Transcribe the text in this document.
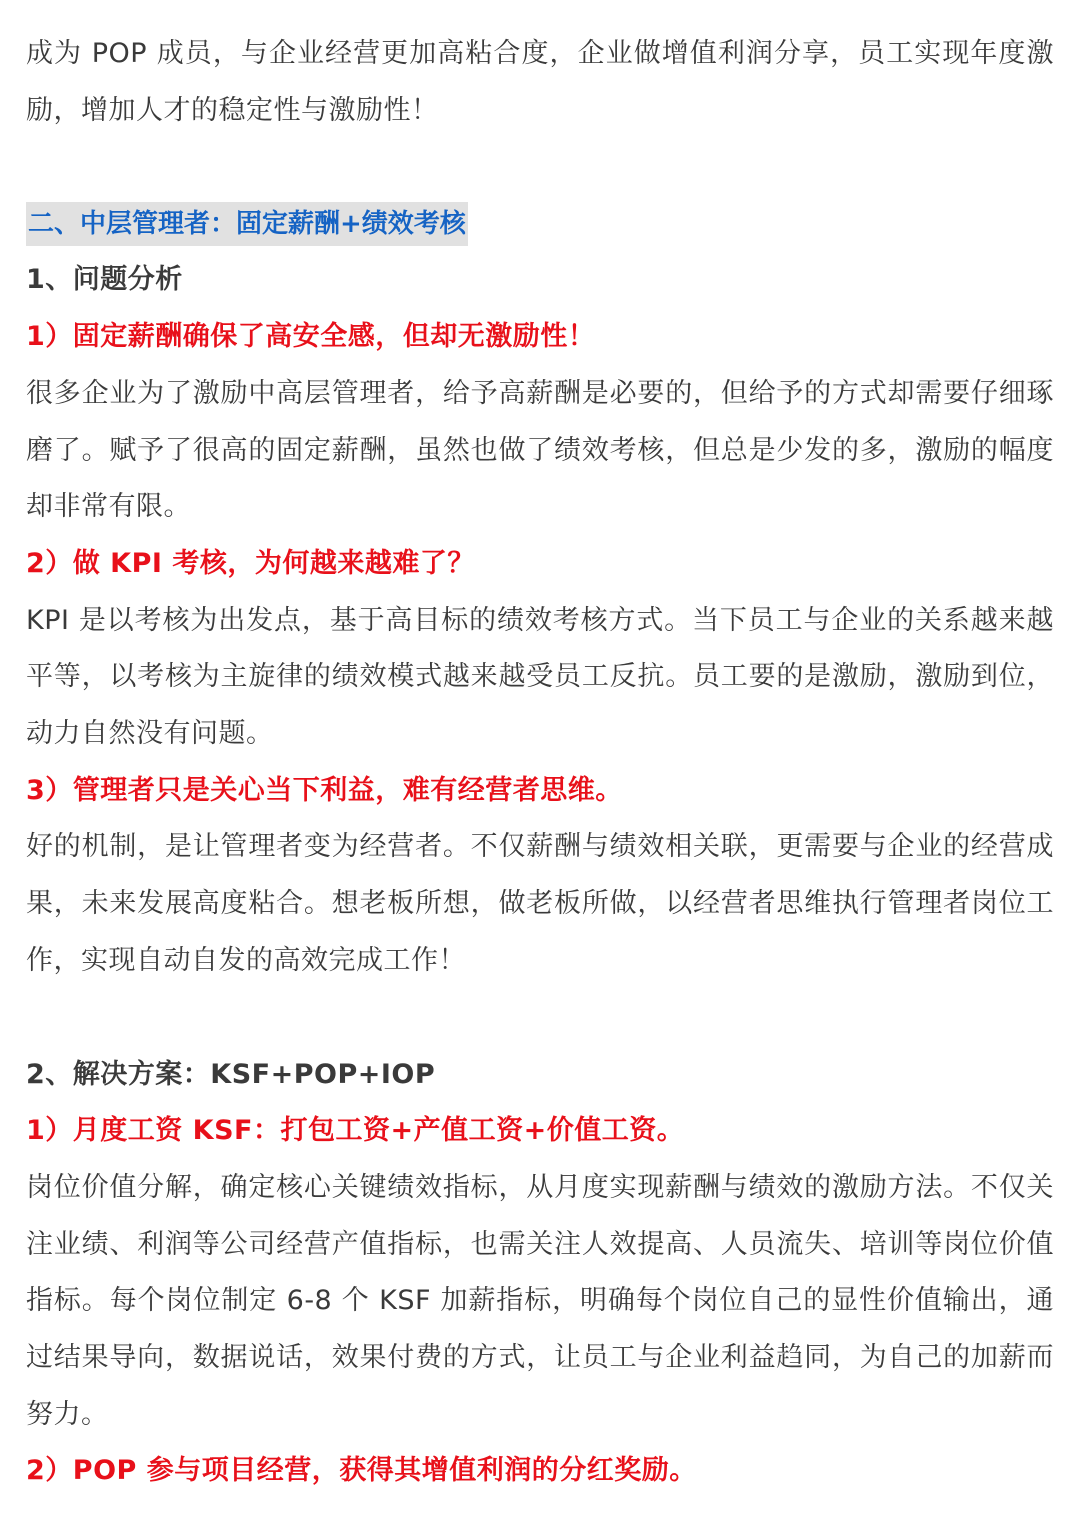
成为 POP 成员，与企业经营更加高粘合度，企业做增值利润分享，员工实现年度激励，增加人才的稳定性与激励性！

二、中层管理者：固定薪酬+绩效考核

1、问题分析

1）固定薪酬确保了高安全感，但却无激励性！

很多企业为了激励中高层管理者，给予高薪酬是必要的，但给予的方式却需要仔细琢磨了。赋予了很高的固定薪酬，虽然也做了绩效考核，但总是少发的多，激励的幅度却非常有限。

2）做 KPI 考核，为何越来越难了？

KPI 是以考核为出发点，基于高目标的绩效考核方式。当下员工与企业的关系越来越平等，以考核为主旋律的绩效模式越来越受员工反抗。员工要的是激励，激励到位，动力自然没有问题。

3）管理者只是关心当下利益，难有经营者思维。

好的机制，是让管理者变为经营者。不仅薪酬与绩效相关联，更需要与企业的经营成果，未来发展高度粘合。想老板所想，做老板所做，以经营者思维执行管理者岗位工作，实现自动自发的高效完成工作！

2、解决方案：KSF+POP+IOP

1）月度工资 KSF：打包工资+产值工资+价值工资。

岗位价值分解，确定核心关键绩效指标，从月度实现薪酬与绩效的激励方法。不仅关注业绩、利润等公司经营产值指标，也需关注人效提高、人员流失、培训等岗位价值指标。每个岗位制定 6-8 个 KSF 加薪指标，明确每个岗位自己的显性价值输出，通过结果导向，数据说话，效果付费的方式，让员工与企业利益趋同，为自己的加薪而努力。

2）POP 参与项目经营，获得其增值利润的分红奖励。
